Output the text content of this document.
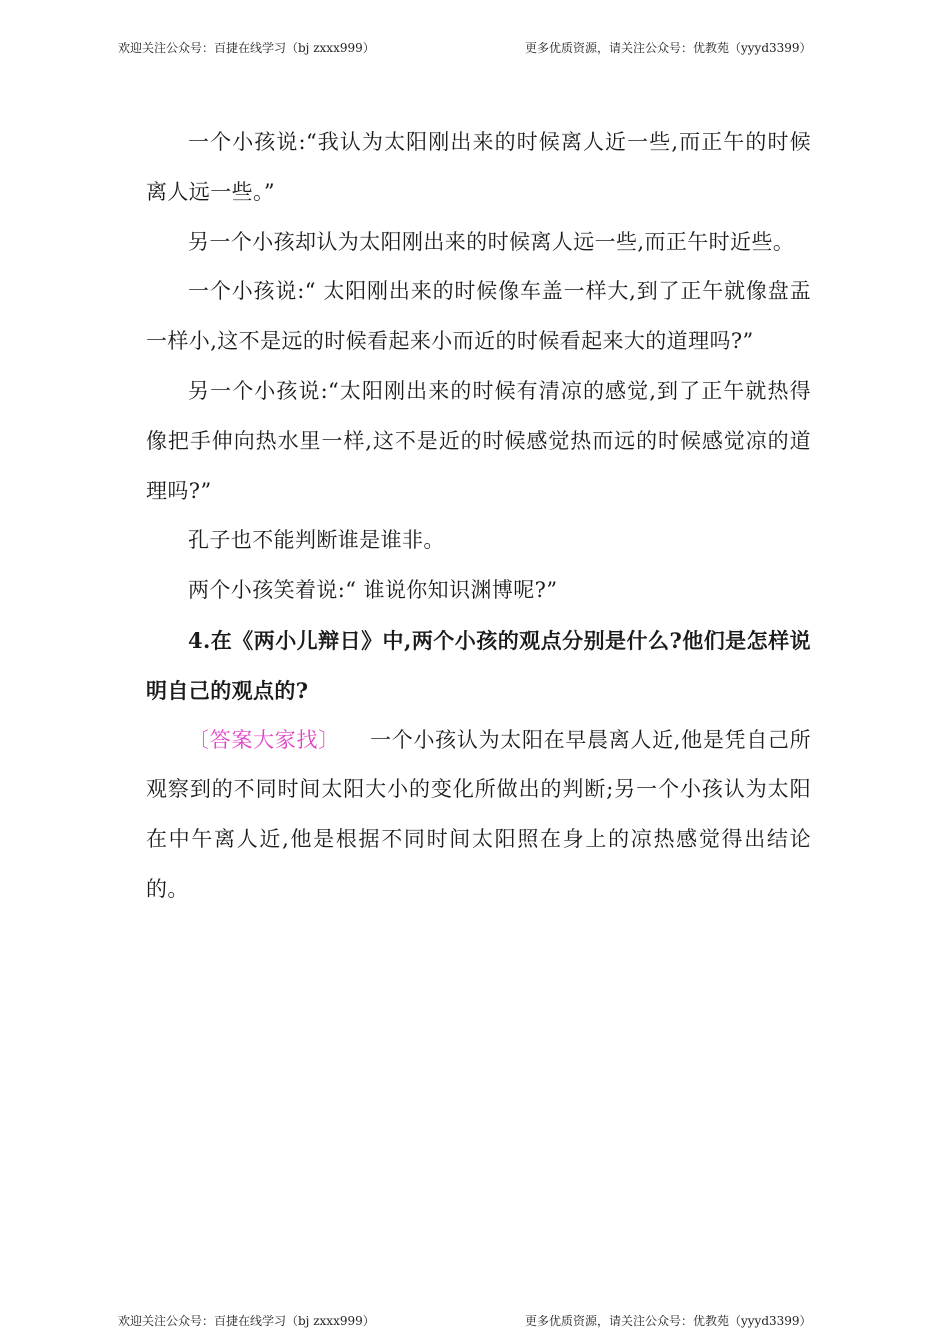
欢迎关注公众号：百捷在线学习（bj zxxx999）	更多优质资源，请关注公众号：优教苑（yyyd3399）

一个小孩说:“我认为太阳刚出来的时候离人近一些,而正午的时候离人远一些。”

另一个小孩却认为太阳刚出来的时候离人远一些,而正午时近些。

一个小孩说:“ 太阳刚出来的时候像车盖一样大,到了正午就像盘盂一样小,这不是远的时候看起来小而近的时候看起来大的道理吗?”

另一个小孩说:“太阳刚出来的时候有清凉的感觉,到了正午就热得像把手伸向热水里一样,这不是近的时候感觉热而远的时候感觉凉的道理吗?”

孔子也不能判断谁是谁非。

两个小孩笑着说:“ 谁说你知识渊博呢?”

4.在《两小儿辩日》中,两个小孩的观点分别是什么?他们是怎样说明自己的观点的?

〔答案大家找〕 一个小孩认为太阳在早晨离人近,他是凭自己所观察到的不同时间太阳大小的变化所做出的判断;另一个小孩认为太阳在中午离人近,他是根据不同时间太阳照在身上的凉热感觉得出结论的。

欢迎关注公众号：百捷在线学习（bj zxxx999）	更多优质资源，请关注公众号：优教苑（yyyd3399）
